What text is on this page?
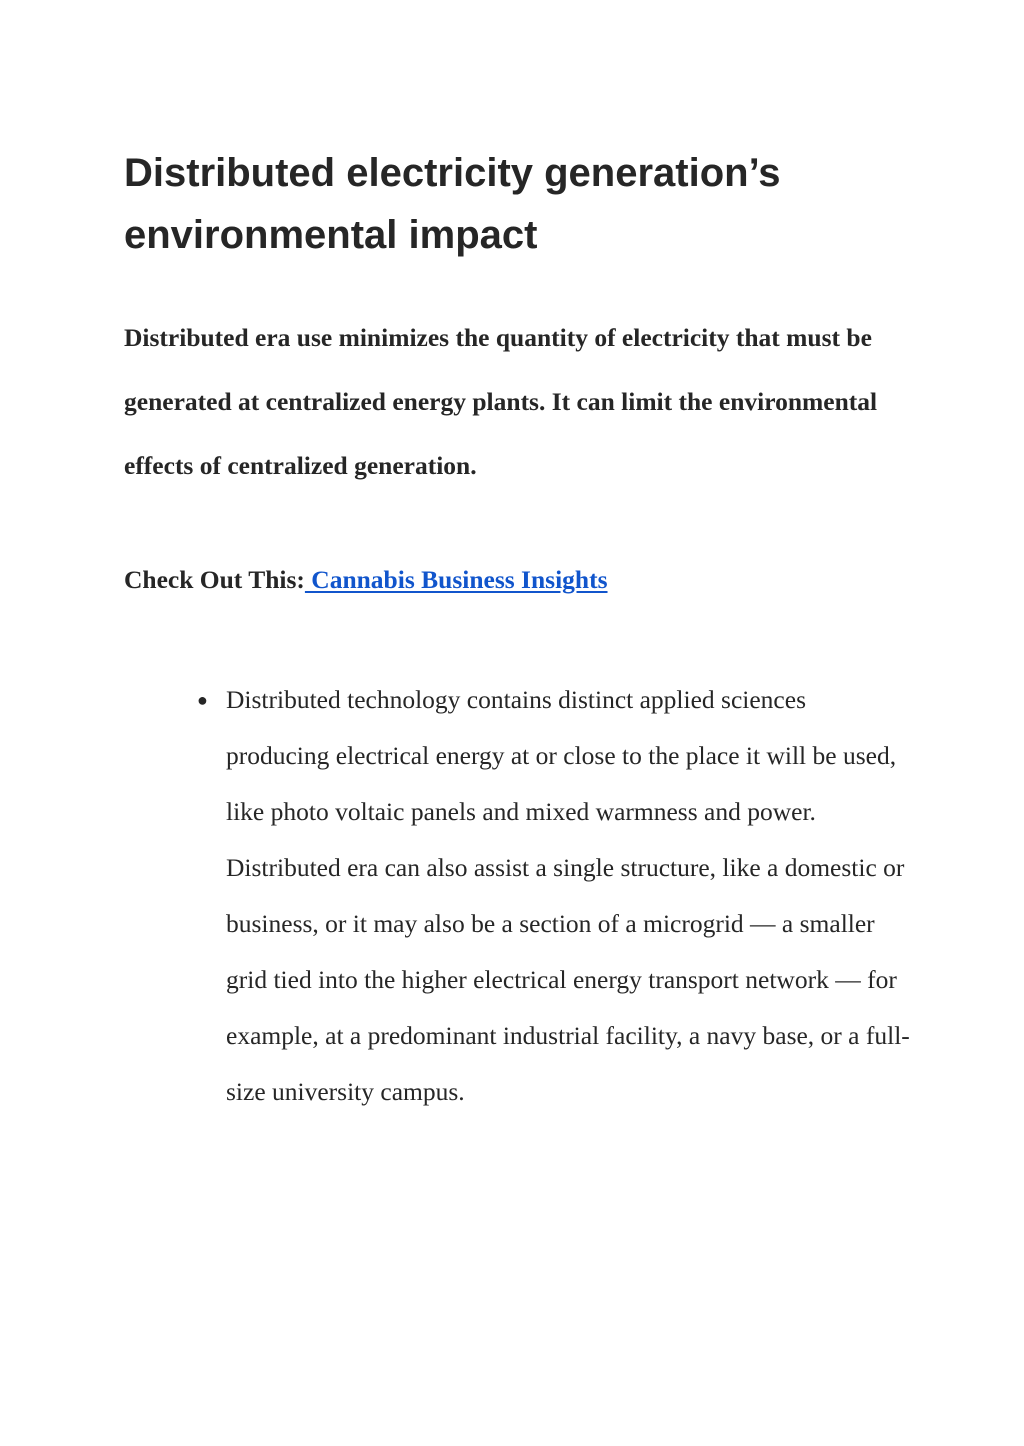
Distributed electricity generation’s environmental impact

Distributed era use minimizes the quantity of electricity that must be generated at centralized energy plants. It can limit the environmental effects of centralized generation.

Check Out This: Cannabis Business Insights

● Distributed technology contains distinct applied sciences producing electrical energy at or close to the place it will be used, like photo voltaic panels and mixed warmness and power. Distributed era can also assist a single structure, like a domestic or business, or it may also be a section of a microgrid — a smaller grid tied into the higher electrical energy transport network — for example, at a predominant industrial facility, a navy base, or a full-size university campus.
